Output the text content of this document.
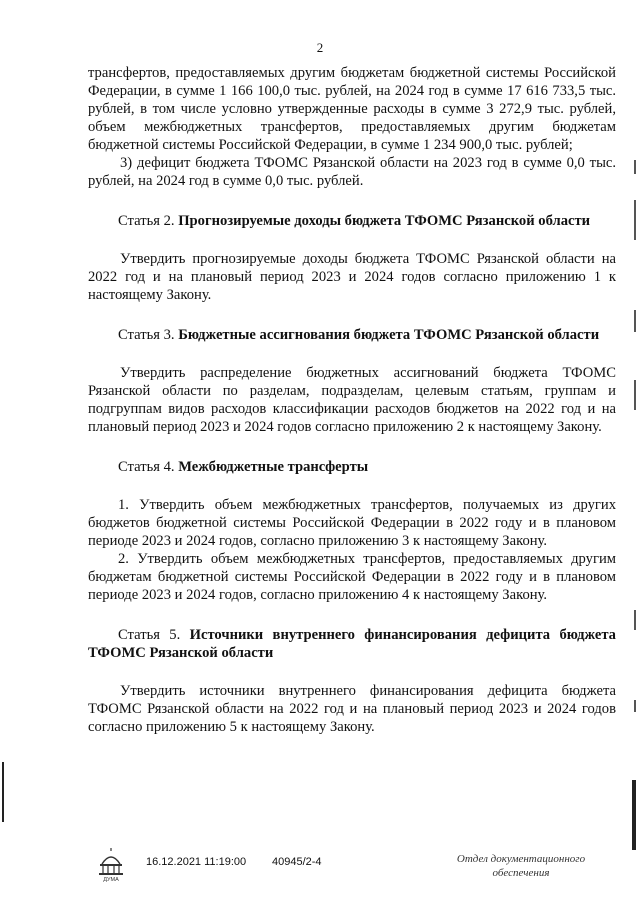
2

трансфертов, предоставляемых другим бюджетам бюджетной системы Российской Федерации, в сумме 1 166 100,0 тыс. рублей, на 2024 год в сумме 17 616 733,5 тыс. рублей, в том числе условно утвержденные расходы в сумме 3 272,9 тыс. рублей, объем межбюджетных трансфертов, предоставляемых другим бюджетам бюджетной системы Российской Федерации, в сумме 1 234 900,0 тыс. рублей;

3) дефицит бюджета ТФОМС Рязанской области на 2023 год в сумме 0,0 тыс. рублей, на 2024 год в сумме 0,0 тыс. рублей.

Статья 2. Прогнозируемые доходы бюджета ТФОМС Рязанской области

Утвердить прогнозируемые доходы бюджета ТФОМС Рязанской области на 2022 год и на плановый период 2023 и 2024 годов согласно приложению 1 к настоящему Закону.

Статья 3. Бюджетные ассигнования бюджета ТФОМС Рязанской области

Утвердить распределение бюджетных ассигнований бюджета ТФОМС Рязанской области по разделам, подразделам, целевым статьям, группам и подгруппам видов расходов классификации расходов бюджетов на 2022 год и на плановый период 2023 и 2024 годов согласно приложению 2 к настоящему Закону.

Статья 4. Межбюджетные трансферты

1. Утвердить объем межбюджетных трансфертов, получаемых из других бюджетов бюджетной системы Российской Федерации в 2022 году и в плановом периоде 2023 и 2024 годов, согласно приложению 3 к настоящему Закону.

2. Утвердить объем межбюджетных трансфертов, предоставляемых другим бюджетам бюджетной системы Российской Федерации в 2022 году и в плановом периоде 2023 и 2024 годов, согласно приложению 4 к настоящему Закону.

Статья 5. Источники внутреннего финансирования дефицита бюджета ТФОМС Рязанской области

Утвердить источники внутреннего финансирования дефицита бюджета ТФОМС Рязанской области на 2022 год и на плановый период 2023 и 2024 годов согласно приложению 5 к настоящему Закону.

ДУМА
16.12.2021 11:19:00 40945/2-4	Отдел документационного
обеспечения
